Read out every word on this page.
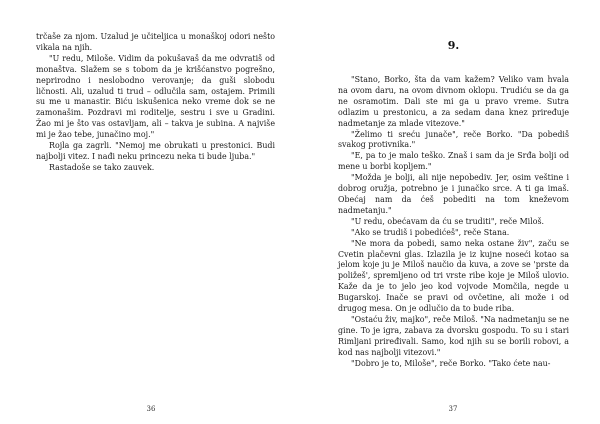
trčaše za njom. Uzalud je učiteljica u monaškoj odori nešto vikala na njih.

"U redu, Miloše. Vidim da pokušavaš da me odvratiš od monaštva. Slažem se s tobom da je krišćanstvo pogrešno, neprirodno i neslobodno verovanje; da guši slobodu ličnosti. Ali, uzalud ti trud – odlučila sam, ostajem. Primili su me u manastir. Biću iskušenica neko vreme dok se ne zamonašim. Pozdravi mi roditelje, sestru i sve u Gradini. Žao mi je što vas ostavljam, ali – takva je subina. A najviše mi je žao tebe, junačino moj."

Rojla ga zagrli. "Nemoj me obrukati u prestonici. Budi najbolji vitez. I nađi neku princezu neka ti bude ljuba."

Rastadoše se tako zauvek.

36
9.

"Stano, Borko, šta da vam kažem? Veliko vam hvala na ovom daru, na ovom divnom oklopu. Trudiću se da ga ne osramotim. Dali ste mi ga u pravo vreme. Sutra odlazim u prestonicu, a za sedam dana knez priređuje nadmetanje za mlade vitezove."

"Želimo ti sreću junače", reče Borko. "Da pobediš svakog protivnika."

"E, pa to je malo teško. Znaš i sam da je Srđa bolji od mene u borbi kopljem."

"Možda je bolji, ali nije nepobediv. Jer, osim veštine i dobrog oružja, potrebno je i junačko srce. A ti ga imaš. Obećaj nam da ćeš pobediti na tom kneževom nadmetanju."

"U redu, obećavam da ću se truditi", reče Miloš.

"Ako se trudiš i pobedićeš", reče Stana.

"Ne mora da pobedi, samo neka ostane živ", začu se Cvetin plačevni glas. Izlazila je iz kujne noseći kotao sa jelom koje ju je Miloš naučio da kuva, a zove se 'prste da poližeš', spremljeno od tri vrste ribe koje je Miloš ulovio. Kaže da je to jelo jeo kod vojvode Momčila, negde u Bugarskoj. Inače se pravi od ovčetine, ali može i od drugog mesa. On je odlučio da to bude riba.

"Ostaću živ, majko", reče Miloš. "Na nadmetanju se ne gine. To je igra, zabava za dvorsku gospodu. To su i stari Rimljani priređivali. Samo, kod njih su se borili robovi, a kod nas najbolji vitezovi."

"Dobro je to, Miloše", reče Borko. "Tako ćete nau-

37
